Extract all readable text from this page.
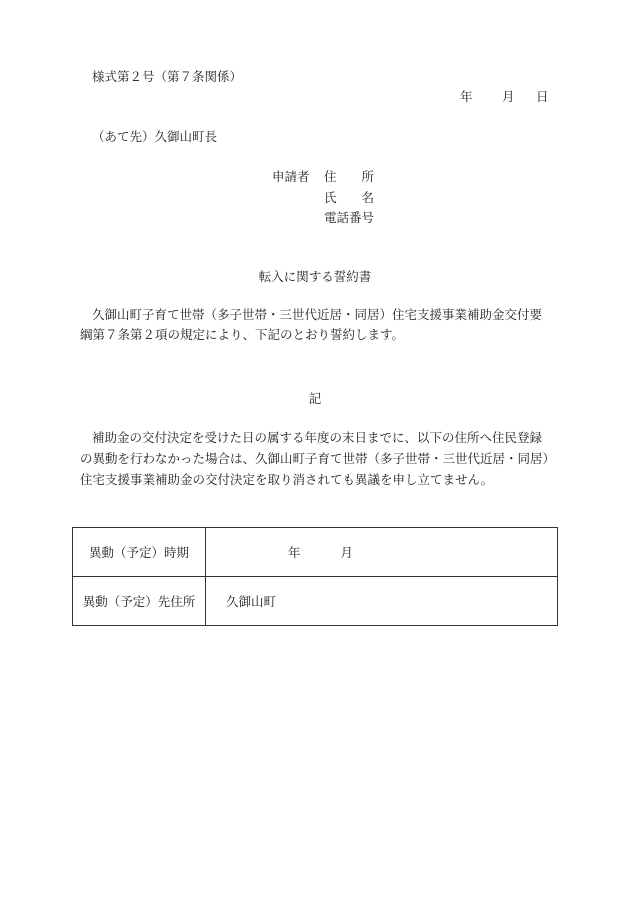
様式第２号（第７条関係）
年 月 日
（あて先）久御山町長
申請者 住　　所
氏　　名
電話番号
転入に関する誓約書

久御山町子育て世帯（多子世帯・三世代近居・同居）住宅支援事業補助金交付要綱第７条第２項の規定により、下記のとおり誓約します。

記

補助金の交付決定を受けた日の属する年度の末日までに、以下の住所へ住民登録の異動を行わなかった場合は、久御山町子育て世帯（多子世帯・三世代近居・同居）住宅支援事業補助金の交付決定を取り消されても異議を申し立てません。

異動（予定）時期	年 月
異動（予定）先住所	久御山町
